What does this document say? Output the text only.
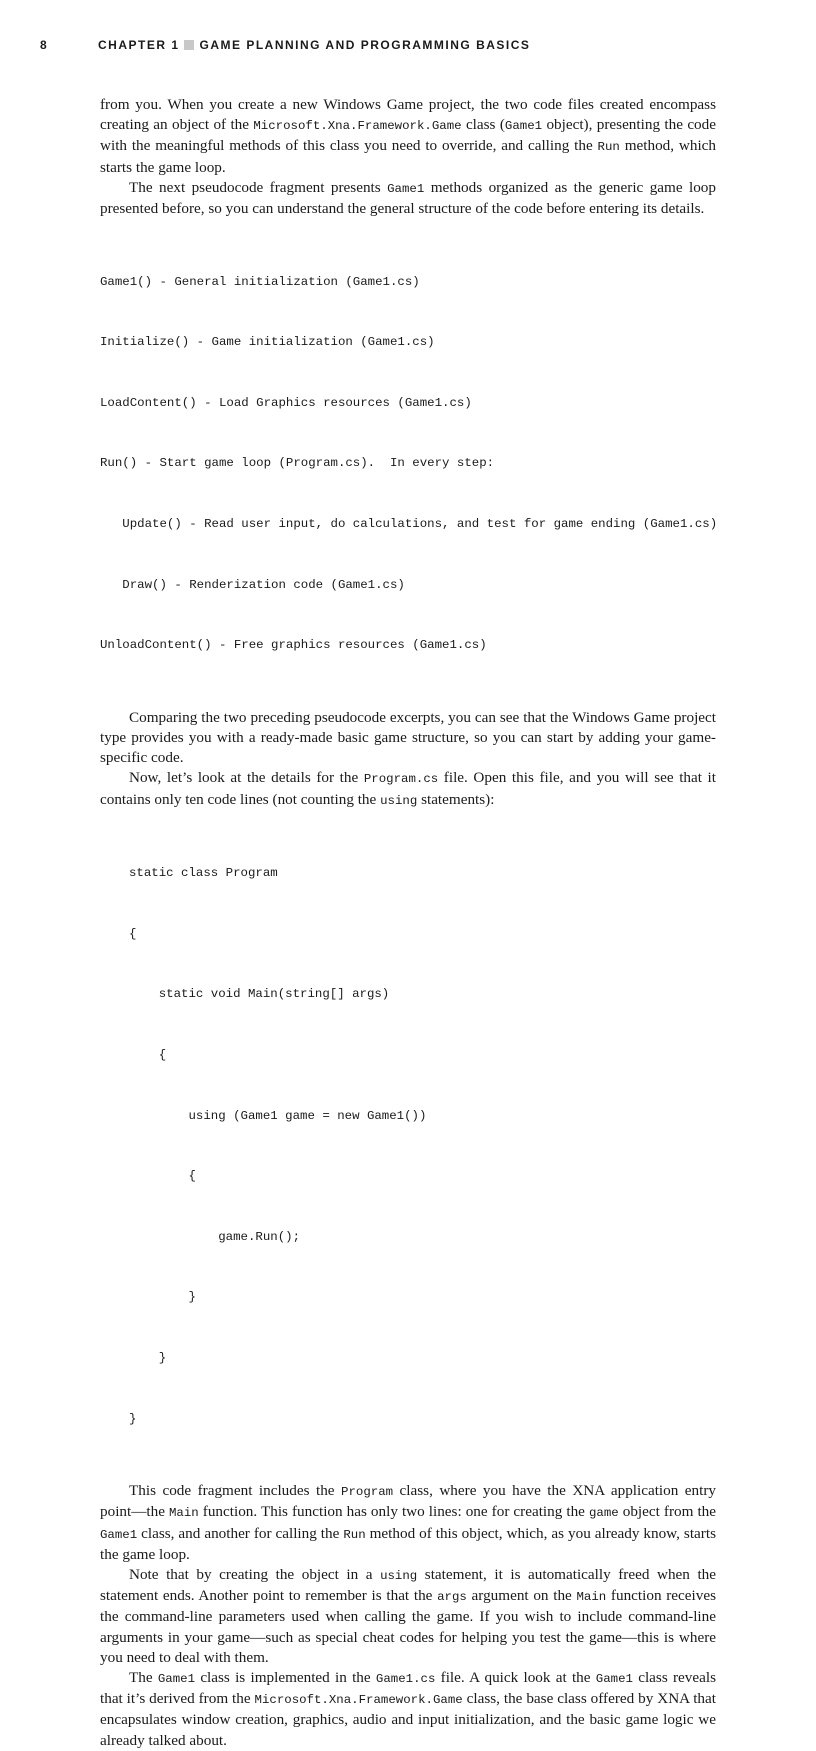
8	CHAPTER 1 GAME PLANNING AND PROGRAMMING BASICS

from you. When you create a new Windows Game project, the two code files created encompass creating an object of the Microsoft.Xna.Framework.Game class (Game1 object), presenting the code with the meaningful methods of this class you need to override, and calling the Run method, which starts the game loop.

The next pseudocode fragment presents Game1 methods organized as the generic game loop presented before, so you can understand the general structure of the code before entering its details.

Game1() - General initialization (Game1.cs)

Initialize() - Game initialization (Game1.cs)

LoadContent() - Load Graphics resources (Game1.cs)

Run() - Start game loop (Program.cs).  In every step:

Update() - Read user input, do calculations, and test for game ending (Game1.cs)

Draw() - Renderization code (Game1.cs)

UnloadContent() - Free graphics resources (Game1.cs)

Comparing the two preceding pseudocode excerpts, you can see that the Windows Game project type provides you with a ready-made basic game structure, so you can start by adding your game-specific code.

Now, let’s look at the details for the Program.cs file. Open this file, and you will see that it contains only ten code lines (not counting the using statements):

static class Program

{

static void Main(string[] args)

{

using (Game1 game = new Game1())

{

game.Run();

}

}

}

This code fragment includes the Program class, where you have the XNA application entry point—the Main function. This function has only two lines: one for creating the game object from the Game1 class, and another for calling the Run method of this object, which, as you already know, starts the game loop.

Note that by creating the object in a using statement, it is automatically freed when the statement ends. Another point to remember is that the args argument on the Main function receives the command-line parameters used when calling the game. If you wish to include command-line arguments in your game—such as special cheat codes for helping you test the game—this is where you need to deal with them.

The Game1 class is implemented in the Game1.cs file. A quick look at the Game1 class reveals that it’s derived from the Microsoft.Xna.Framework.Game class, the base class offered by XNA that encapsulates window creation, graphics, audio and input initialization, and the basic game logic we already talked about.
